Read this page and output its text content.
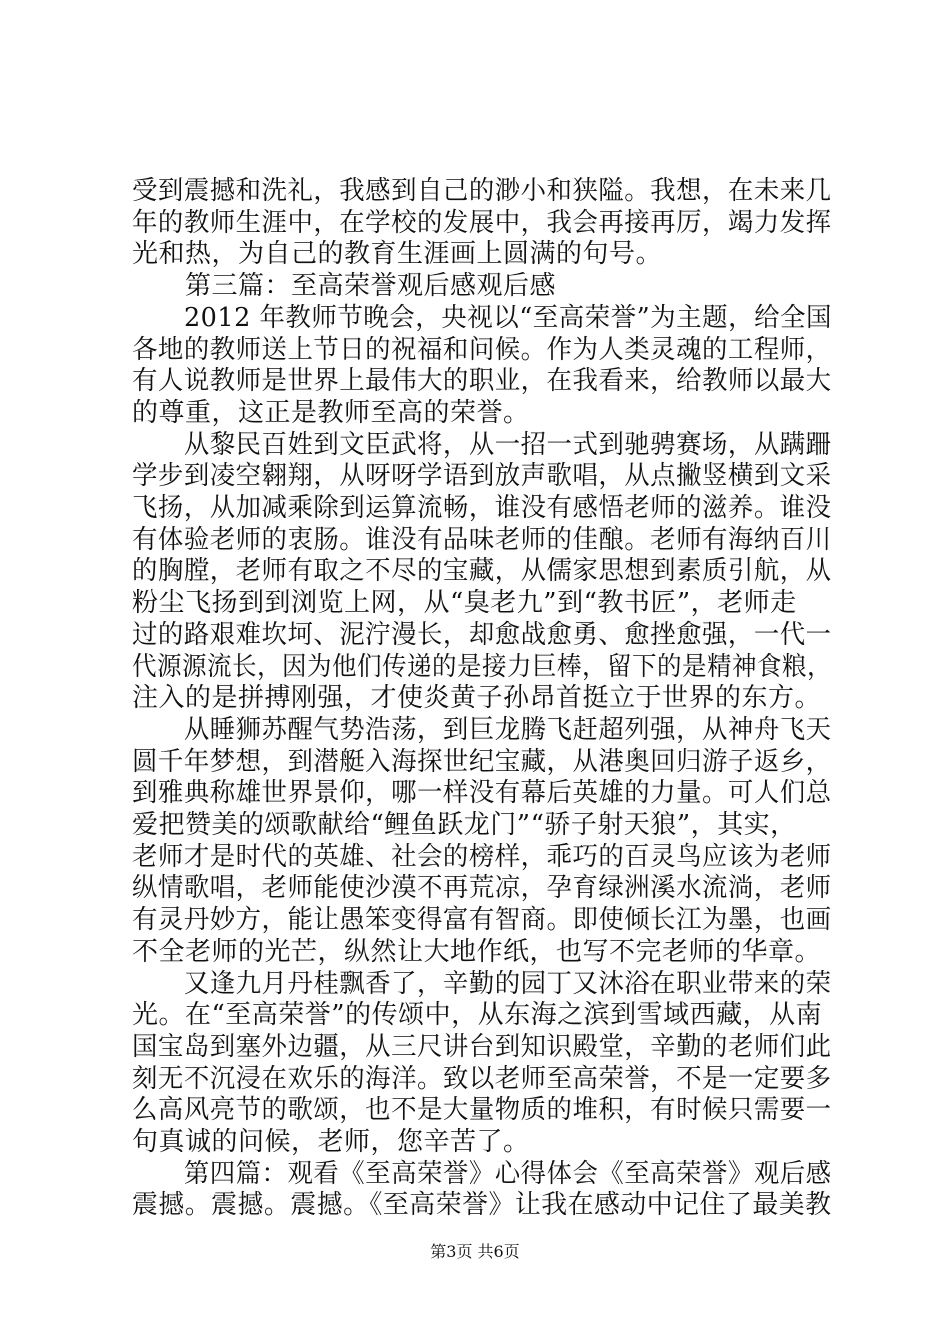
受到震撼和洗礼，我感到自己的渺小和狭隘。我想，在未来几
年的教师生涯中，在学校的发展中，我会再接再厉，竭力发挥
光和热，为自己的教育生涯画上圆满的句号。
　　第三篇：至高荣誉观后感观后感
　　2012 年教师节晚会，央视以“至高荣誉”为主题，给全国
各地的教师送上节日的祝福和问候。作为人类灵魂的工程师，
有人说教师是世界上最伟大的职业，在我看来，给教师以最大
的尊重，这正是教师至高的荣誉。
　　从黎民百姓到文臣武将，从一招一式到驰骋赛场，从蹒跚
学步到凌空翱翔，从呀呀学语到放声歌唱，从点撇竖横到文采
飞扬，从加减乘除到运算流畅，谁没有感悟老师的滋养。谁没
有体验老师的衷肠。谁没有品味老师的佳酿。老师有海纳百川
的胸膛，老师有取之不尽的宝藏，从儒家思想到素质引航，从
粉尘飞扬到到浏览上网，从“臭老九”到“教书匠”，老师走
过的路艰难坎坷、泥泞漫长，却愈战愈勇、愈挫愈强，一代一
代源源流长，因为他们传递的是接力巨棒，留下的是精神食粮，
注入的是拼搏刚强，才使炎黄子孙昂首挺立于世界的东方。
　　从睡狮苏醒气势浩荡，到巨龙腾飞赶超列强，从神舟飞天
圆千年梦想，到潜艇入海探世纪宝藏，从港奥回归游子返乡，
到雅典称雄世界景仰，哪一样没有幕后英雄的力量。可人们总
爱把赞美的颂歌献给“鲤鱼跃龙门”“骄子射天狼”，其实，
老师才是时代的英雄、社会的榜样，乖巧的百灵鸟应该为老师
纵情歌唱，老师能使沙漠不再荒凉，孕育绿洲溪水流淌，老师
有灵丹妙方，能让愚笨变得富有智商。即使倾长江为墨，也画
不全老师的光芒，纵然让大地作纸，也写不完老师的华章。
　　又逢九月丹桂飘香了，辛勤的园丁又沐浴在职业带来的荣
光。在“至高荣誉”的传颂中，从东海之滨到雪域西藏，从南
国宝岛到塞外边疆，从三尺讲台到知识殿堂，辛勤的老师们此
刻无不沉浸在欢乐的海洋。致以老师至高荣誉，不是一定要多
么高风亮节的歌颂，也不是大量物质的堆积，有时候只需要一
句真诚的问候，老师，您辛苦了。
　　第四篇：观看《至高荣誉》心得体会《至高荣誉》观后感
震撼。震撼。震撼。《至高荣誉》让我在感动中记住了最美教
第3页 共6页
